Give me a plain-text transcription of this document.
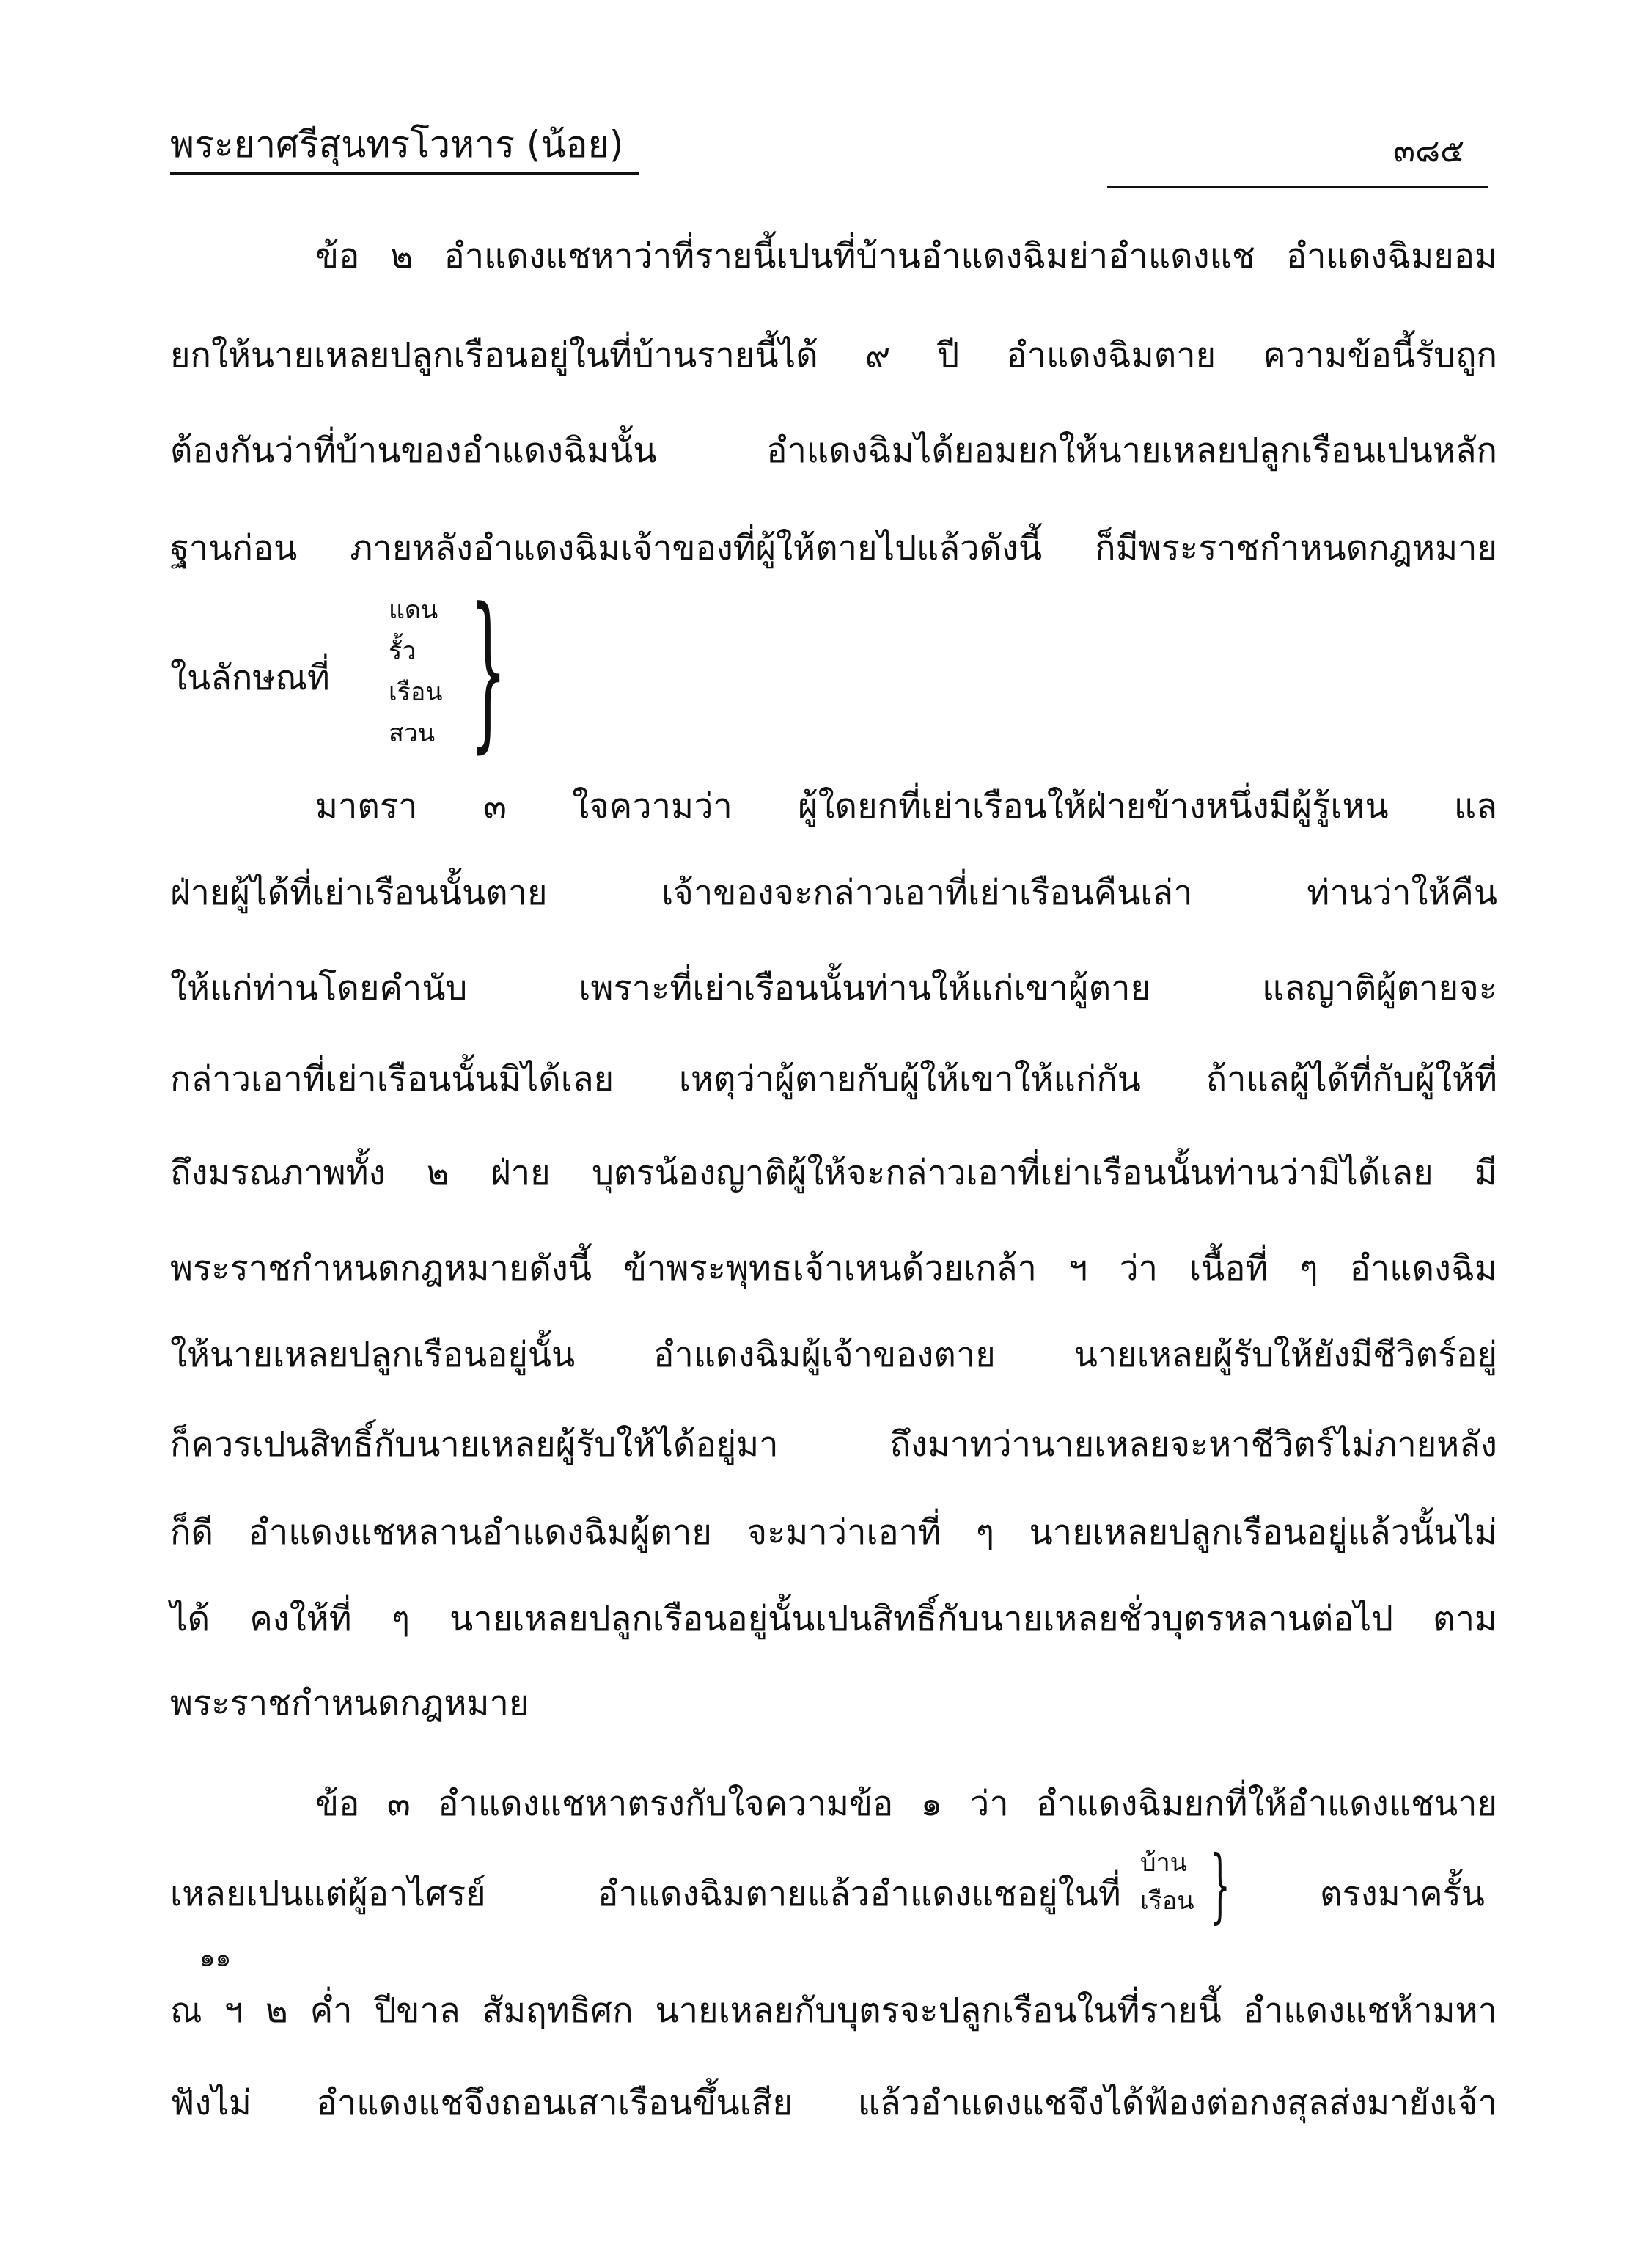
พระยาศรีสุนทรโวหาร (น้อย)	๓๘๕
ข้อ ๒ อำแดงแชหาว่าที่รายนี้เปนที่บ้านอำแดงฉิมย่าอำแดงแช อำแดงฉิมยอม
ยกให้นายเหลยปลูกเรือนอยู่ในที่บ้านรายนี้ได้ ๙ ปี อำแดงฉิมตาย ความข้อนี้รับถูก
ต้องกันว่าที่บ้านของอำแดงฉิมนั้น อำแดงฉิมได้ยอมยกให้นายเหลยปลูกเรือนเปนหลัก
ฐานก่อน ภายหลังอำแดงฉิมเจ้าของที่ผู้ให้ตายไปแล้วดังนี้ ก็มีพระราชกำหนดกฎหมาย
ในลักษณที่
แดน
รั้ว
เรือน
สวน }
มาตรา ๓ ใจความว่า ผู้ใดยกที่เย่าเรือนให้ฝ่ายข้างหนึ่งมีผู้รู้เหน แล
ฝ่ายผู้ได้ที่เย่าเรือนนั้นตาย เจ้าของจะกล่าวเอาที่เย่าเรือนคืนเล่า ท่านว่าให้คืน
ให้แก่ท่านโดยคำนับ เพราะที่เย่าเรือนนั้นท่านให้แก่เขาผู้ตาย แลญาติผู้ตายจะ
กล่าวเอาที่เย่าเรือนนั้นมิได้เลย เหตุว่าผู้ตายกับผู้ให้เขาให้แก่กัน ถ้าแลผู้ได้ที่กับผู้ให้ที่
ถึงมรณภาพทั้ง ๒ ฝ่าย บุตรน้องญาติผู้ให้จะกล่าวเอาที่เย่าเรือนนั้นท่านว่ามิได้เลย มี
พระราชกำหนดกฎหมายดังนี้ ข้าพระพุทธเจ้าเหนด้วยเกล้า ฯ ว่า เนื้อที่ ๆ อำแดงฉิม
ให้นายเหลยปลูกเรือนอยู่นั้น อำแดงฉิมผู้เจ้าของตาย นายเหลยผู้รับให้ยังมีชีวิตร์อยู่
ก็ควรเปนสิทธิ์กับนายเหลยผู้รับให้ได้อยู่มา ถึงมาทว่านายเหลยจะหาชีวิตร์ไม่ภายหลัง
ก็ดี อำแดงแชหลานอำแดงฉิมผู้ตาย จะมาว่าเอาที่ ๆ นายเหลยปลูกเรือนอยู่แล้วนั้นไม่
ได้ คงให้ที่ ๆ นายเหลยปลูกเรือนอยู่นั้นเปนสิทธิ์กับนายเหลยชั่วบุตรหลานต่อไป ตาม
พระราชกำหนดกฎหมาย
ข้อ ๓ อำแดงแชหาตรงกับใจความข้อ ๑ ว่า อำแดงฉิมยกที่ให้อำแดงแชนาย
เหลยเปนแต่ผู้อาไศรย์	อำแดงฉิมตายแล้วอำแดงแชอยู่ในที่
บ้าน
เรือน }	ตรงมาครั้น
๑๑
ณ ฯ ๒ ค่ำ ปีขาล สัมฤทธิศก นายเหลยกับบุตรจะปลูกเรือนในที่รายนี้ อำแดงแชห้ามหา
ฟังไม่ อำแดงแชจึงถอนเสาเรือนขึ้นเสีย แล้วอำแดงแชจึงได้ฟ้องต่อกงสุลส่งมายังเจ้า
